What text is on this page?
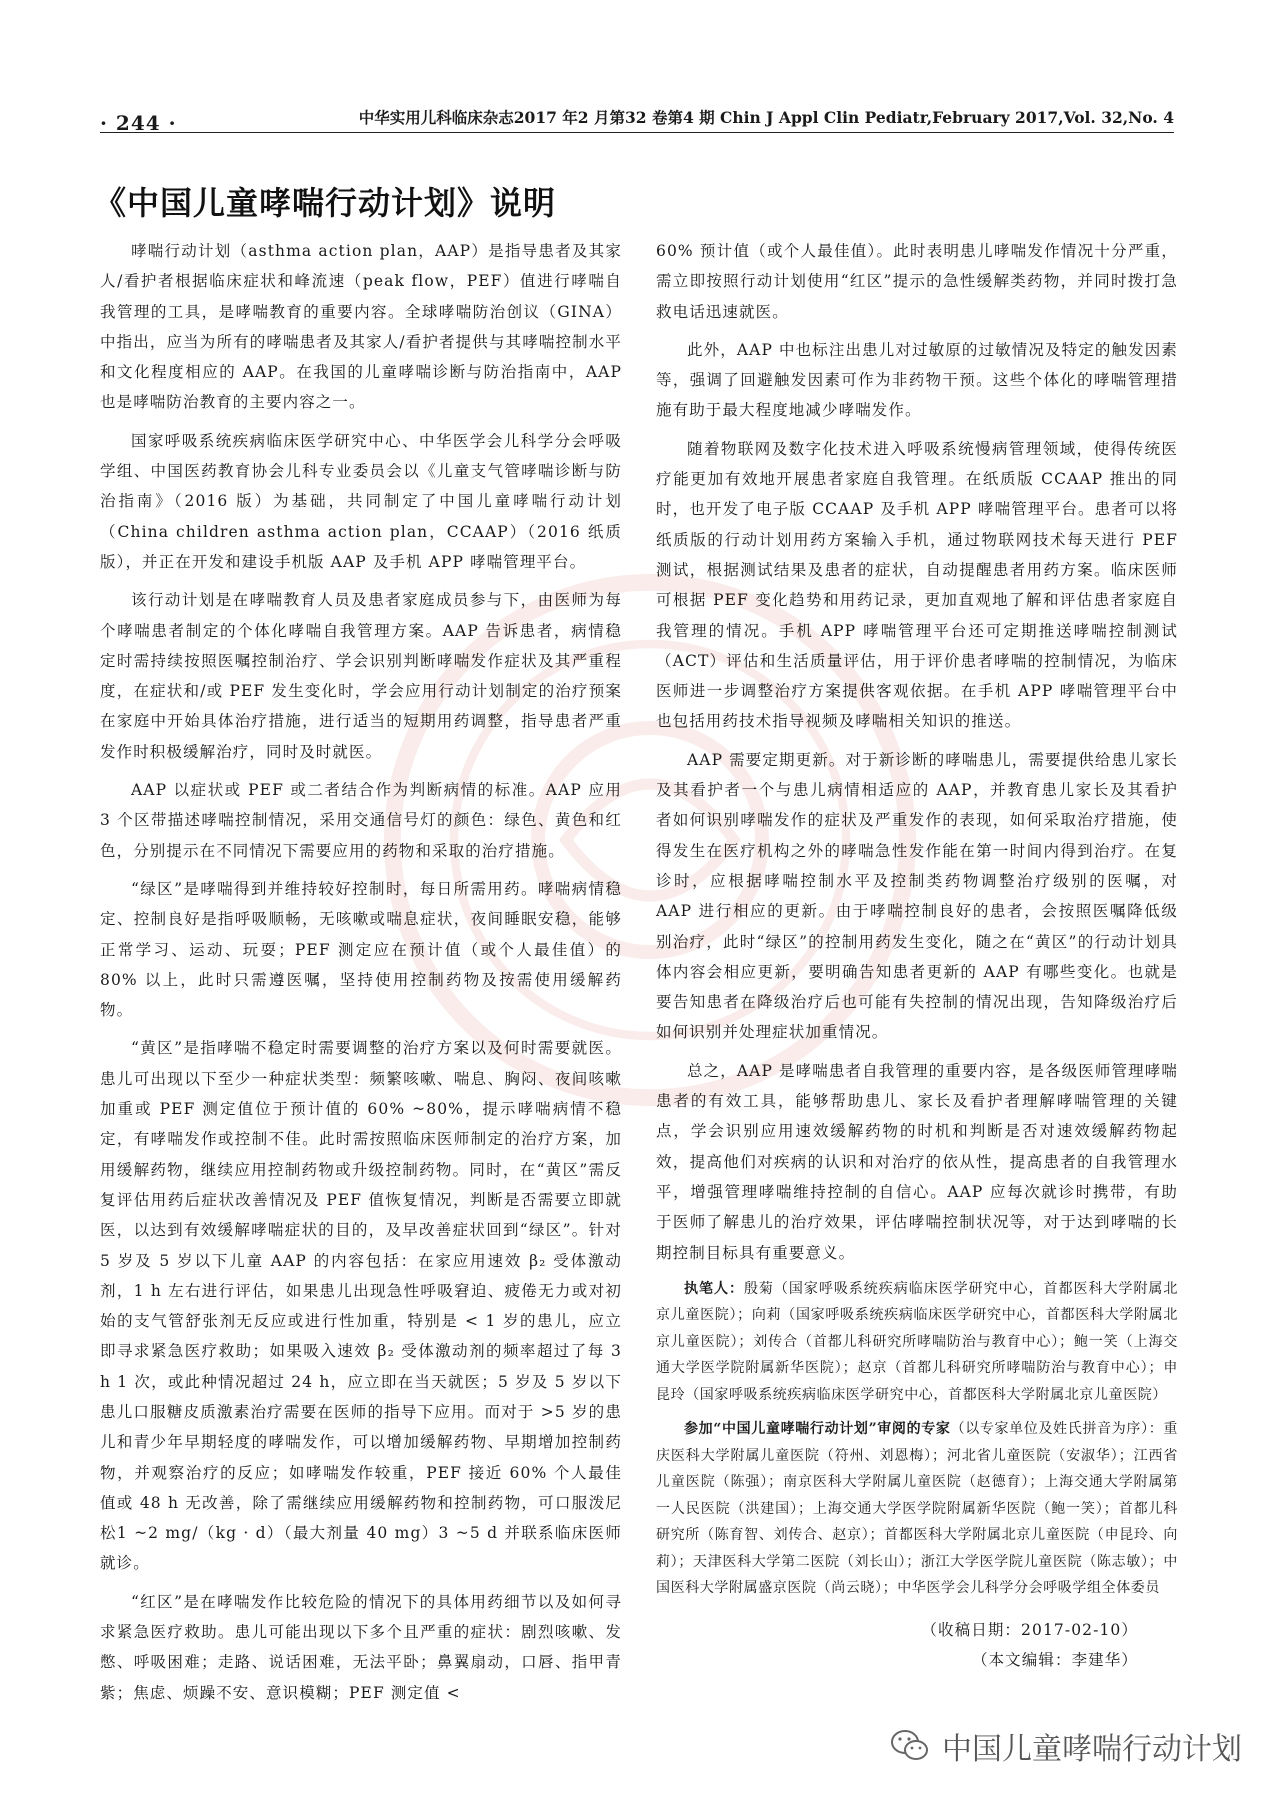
· 244 ·	中华实用儿科临床杂志2017 年2 月第32 卷第4 期 Chin J Appl Clin Pediatr,February 2017,Vol. 32,No. 4
《中国儿童哮喘行动计划》说明

哮喘行动计划（asthma action plan，AAP）是指导患者及其家人/看护者根据临床症状和峰流速（peak flow，PEF）值进行哮喘自我管理的工具，是哮喘教育的重要内容。全球哮喘防治创议（GINA）中指出，应当为所有的哮喘患者及其家人/看护者提供与其哮喘控制水平和文化程度相应的 AAP。在我国的儿童哮喘诊断与防治指南中，AAP 也是哮喘防治教育的主要内容之一。

国家呼吸系统疾病临床医学研究中心、中华医学会儿科学分会呼吸学组、中国医药教育协会儿科专业委员会以《儿童支气管哮喘诊断与防治指南》（2016 版）为基础，共同制定了中国儿童哮喘行动计划（China children asthma action plan，CCAAP）（2016 纸质版），并正在开发和建设手机版 AAP 及手机 APP 哮喘管理平台。

该行动计划是在哮喘教育人员及患者家庭成员参与下，由医师为每个哮喘患者制定的个体化哮喘自我管理方案。AAP 告诉患者，病情稳定时需持续按照医嘱控制治疗、学会识别判断哮喘发作症状及其严重程度，在症状和/或 PEF 发生变化时，学会应用行动计划制定的治疗预案在家庭中开始具体治疗措施，进行适当的短期用药调整，指导患者严重发作时积极缓解治疗，同时及时就医。

AAP 以症状或 PEF 或二者结合作为判断病情的标准。AAP 应用 3 个区带描述哮喘控制情况，采用交通信号灯的颜色：绿色、黄色和红色，分别提示在不同情况下需要应用的药物和采取的治疗措施。

“绿区”是哮喘得到并维持较好控制时，每日所需用药。哮喘病情稳定、控制良好是指呼吸顺畅，无咳嗽或喘息症状，夜间睡眠安稳，能够正常学习、运动、玩耍；PEF 测定应在预计值（或个人最佳值）的 80% 以上，此时只需遵医嘱，坚持使用控制药物及按需使用缓解药物。

“黄区”是指哮喘不稳定时需要调整的治疗方案以及何时需要就医。患儿可出现以下至少一种症状类型：频繁咳嗽、喘息、胸闷、夜间咳嗽加重或 PEF 测定值位于预计值的 60% ~80%，提示哮喘病情不稳定，有哮喘发作或控制不佳。此时需按照临床医师制定的治疗方案，加用缓解药物，继续应用控制药物或升级控制药物。同时，在“黄区”需反复评估用药后症状改善情况及 PEF 值恢复情况，判断是否需要立即就医，以达到有效缓解哮喘症状的目的，及早改善症状回到“绿区”。针对 5 岁及 5 岁以下儿童 AAP 的内容包括：在家应用速效 β₂ 受体激动剂，1 h 左右进行评估，如果患儿出现急性呼吸窘迫、疲倦无力或对初始的支气管舒张剂无反应或进行性加重，特别是 < 1 岁的患儿，应立即寻求紧急医疗救助；如果吸入速效 β₂ 受体激动剂的频率超过了每 3 h 1 次，或此种情况超过 24 h，应立即在当天就医；5 岁及 5 岁以下患儿口服糖皮质激素治疗需要在医师的指导下应用。而对于 >5 岁的患儿和青少年早期轻度的哮喘发作，可以增加缓解药物、早期增加控制药物，并观察治疗的反应；如哮喘发作较重，PEF 接近 60% 个人最佳值或 48 h 无改善，除了需继续应用缓解药物和控制药物，可口服泼尼松1 ~2 mg/（kg · d）（最大剂量 40 mg）3 ~5 d 并联系临床医师就诊。

“红区”是在哮喘发作比较危险的情况下的具体用药细节以及如何寻求紧急医疗救助。患儿可能出现以下多个且严重的症状：剧烈咳嗽、发憋、呼吸困难；走路、说话困难，无法平卧；鼻翼扇动，口唇、指甲青紫；焦虑、烦躁不安、意识模糊；PEF 测定值 <

60% 预计值（或个人最佳值）。此时表明患儿哮喘发作情况十分严重，需立即按照行动计划使用“红区”提示的急性缓解类药物，并同时拨打急救电话迅速就医。

此外，AAP 中也标注出患儿对过敏原的过敏情况及特定的触发因素等，强调了回避触发因素可作为非药物干预。这些个体化的哮喘管理措施有助于最大程度地减少哮喘发作。

随着物联网及数字化技术进入呼吸系统慢病管理领域，使得传统医疗能更加有效地开展患者家庭自我管理。在纸质版 CCAAP 推出的同时，也开发了电子版 CCAAP 及手机 APP 哮喘管理平台。患者可以将纸质版的行动计划用药方案输入手机，通过物联网技术每天进行 PEF 测试，根据测试结果及患者的症状，自动提醒患者用药方案。临床医师可根据 PEF 变化趋势和用药记录，更加直观地了解和评估患者家庭自我管理的情况。手机 APP 哮喘管理平台还可定期推送哮喘控制测试（ACT）评估和生活质量评估，用于评价患者哮喘的控制情况，为临床医师进一步调整治疗方案提供客观依据。在手机 APP 哮喘管理平台中也包括用药技术指导视频及哮喘相关知识的推送。

AAP 需要定期更新。对于新诊断的哮喘患儿，需要提供给患儿家长及其看护者一个与患儿病情相适应的 AAP，并教育患儿家长及其看护者如何识别哮喘发作的症状及严重发作的表现，如何采取治疗措施，使得发生在医疗机构之外的哮喘急性发作能在第一时间内得到治疗。在复诊时，应根据哮喘控制水平及控制类药物调整治疗级别的医嘱，对 AAP 进行相应的更新。由于哮喘控制良好的患者，会按照医嘱降低级别治疗，此时“绿区”的控制用药发生变化，随之在“黄区”的行动计划具体内容会相应更新，要明确告知患者更新的 AAP 有哪些变化。也就是要告知患者在降级治疗后也可能有失控制的情况出现，告知降级治疗后如何识别并处理症状加重情况。

总之，AAP 是哮喘患者自我管理的重要内容，是各级医师管理哮喘患者的有效工具，能够帮助患儿、家长及看护者理解哮喘管理的关键点，学会识别应用速效缓解药物的时机和判断是否对速效缓解药物起效，提高他们对疾病的认识和对治疗的依从性，提高患者的自我管理水平，增强管理哮喘维持控制的自信心。AAP 应每次就诊时携带，有助于医师了解患儿的治疗效果，评估哮喘控制状况等，对于达到哮喘的长期控制目标具有重要意义。

执笔人：殷菊（国家呼吸系统疾病临床医学研究中心，首都医科大学附属北京儿童医院）；向莉（国家呼吸系统疾病临床医学研究中心，首都医科大学附属北京儿童医院）；刘传合（首都儿科研究所哮喘防治与教育中心）；鲍一笑（上海交通大学医学院附属新华医院）；赵京（首都儿科研究所哮喘防治与教育中心）；申昆玲（国家呼吸系统疾病临床医学研究中心，首都医科大学附属北京儿童医院）

参加“中国儿童哮喘行动计划”审阅的专家（以专家单位及姓氏拼音为序）：重庆医科大学附属儿童医院（符州、刘恩梅）；河北省儿童医院（安淑华）；江西省儿童医院（陈强）；南京医科大学附属儿童医院（赵德育）；上海交通大学附属第一人民医院（洪建国）；上海交通大学医学院附属新华医院（鲍一笑）；首都儿科研究所（陈育智、刘传合、赵京）；首都医科大学附属北京儿童医院（申昆玲、向莉）；天津医科大学第二医院（刘长山）；浙江大学医学院儿童医院（陈志敏）；中国医科大学附属盛京医院（尚云晓）；中华医学会儿科学分会呼吸学组全体委员

（收稿日期：2017-02-10）
（本文编辑：李建华）
中国儿童哮喘行动计划
